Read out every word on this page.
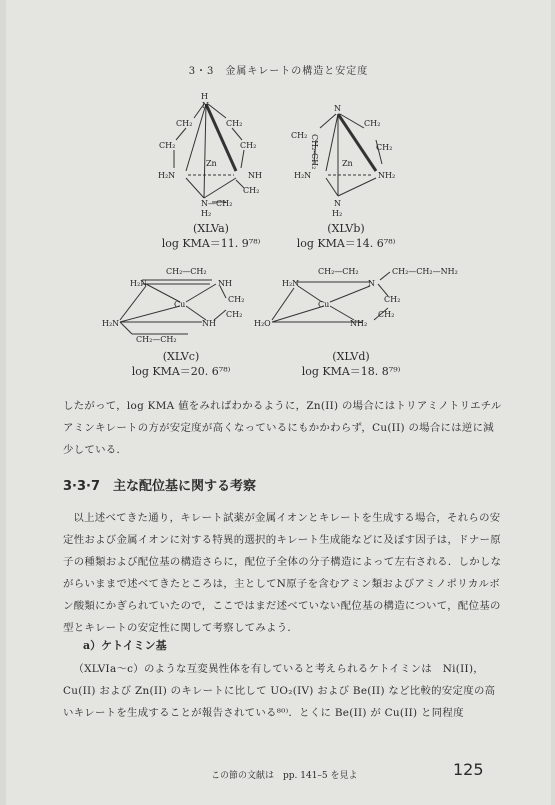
3・3　金属キレートの構造と安定度
H
N
CH₂	CH₂
CH₂	CH₂
Zn
H₂N	NH
CH₂
N—CH₂
H₂
N
CH₂
CH₂
CH₂
CH₂-CH₂	Zn
H₂N	NH₂
N
H₂
(XLVa)
log KMA＝11. 9⁷⁸⁾
(XLVb)
log KMA＝14. 6⁷⁸⁾
CH₂—CH₂
H₂N	NH
Cu
CH₂
CH₂
H₂N	NH
CH₂—CH₂
CH₂—CH₂	CH₂—CH₂—NH₂
H₂N	N
Cu
CH₂
CH₂
H₂O	NH₂
(XLVc)
log KMA＝20. 6⁷⁸⁾
(XLVd)
log KMA＝18. 8⁷⁹⁾
したがって，log KMA 値をみればわかるように，Zn(II) の場合にはトリアミノトリエチルアミンキレートの方が安定度が高くなっているにもかかわらず，Cu(II) の場合には逆に減少している．
3·3·7　主な配位基に関する考察
以上述べてきた通り，キレート試薬が金属イオンとキレートを生成する場合，それらの安定性および金属イオンに対する特異的選択的キレート生成能などに及ぼす因子は，ドナー原子の種類および配位基の構造さらに，配位子全体の分子構造によって左右される．しかしながらいままで述べてきたところは，主としてN原子を含むアミン類およびアミノポリカルボン酸類にかぎられていたので，ここではまだ述べていない配位基の構造について，配位基の型とキレートの安定性に関して考察してみよう．
a）ケトイミン基
（XLVIa～c）のような互変異性体を有していると考えられるケトイミンは　Ni(II)，Cu(II) および Zn(II) のキレートに比して UO₂(IV) および Be(II) など比較的安定度の高いキレートを生成することが報告されている⁸⁰⁾．とくに Be(II) が Cu(II) と同程度
この節の文献は　pp. 141–5 を見よ	125
